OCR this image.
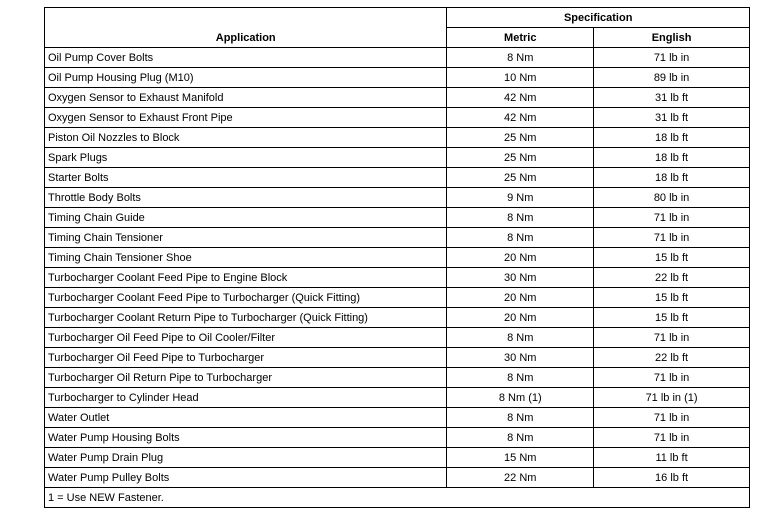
Application	Specification	
	Metric	English
Oil Pump Cover Bolts	8 Nm	71 lb in
Oil Pump Housing Plug (M10)	10 Nm	89 lb in
Oxygen Sensor to Exhaust Manifold	42 Nm	31 lb ft
Oxygen Sensor to Exhaust Front Pipe	42 Nm	31 lb ft
Piston Oil Nozzles to Block	25 Nm	18 lb ft
Spark Plugs	25 Nm	18 lb ft
Starter Bolts	25 Nm	18 lb ft
Throttle Body Bolts	9 Nm	80 lb in
Timing Chain Guide	8 Nm	71 lb in
Timing Chain Tensioner	8 Nm	71 lb in
Timing Chain Tensioner Shoe	20 Nm	15 lb ft
Turbocharger Coolant Feed Pipe to Engine Block	30 Nm	22 lb ft
Turbocharger Coolant Feed Pipe to Turbocharger (Quick Fitting)	20 Nm	15 lb ft
Turbocharger Coolant Return Pipe to Turbocharger (Quick Fitting)	20 Nm	15 lb ft
Turbocharger Oil Feed Pipe to Oil Cooler/Filter	8 Nm	71 lb in
Turbocharger Oil Feed Pipe to Turbocharger	30 Nm	22 lb ft
Turbocharger Oil Return Pipe to Turbocharger	8 Nm	71 lb in
Turbocharger to Cylinder Head	8 Nm (1)	71 lb in (1)
Water Outlet	8 Nm	71 lb in
Water Pump Housing Bolts	8 Nm	71 lb in
Water Pump Drain Plug	15 Nm	11 lb ft
Water Pump Pulley Bolts	22 Nm	16 lb ft
1 = Use NEW Fastener.		
